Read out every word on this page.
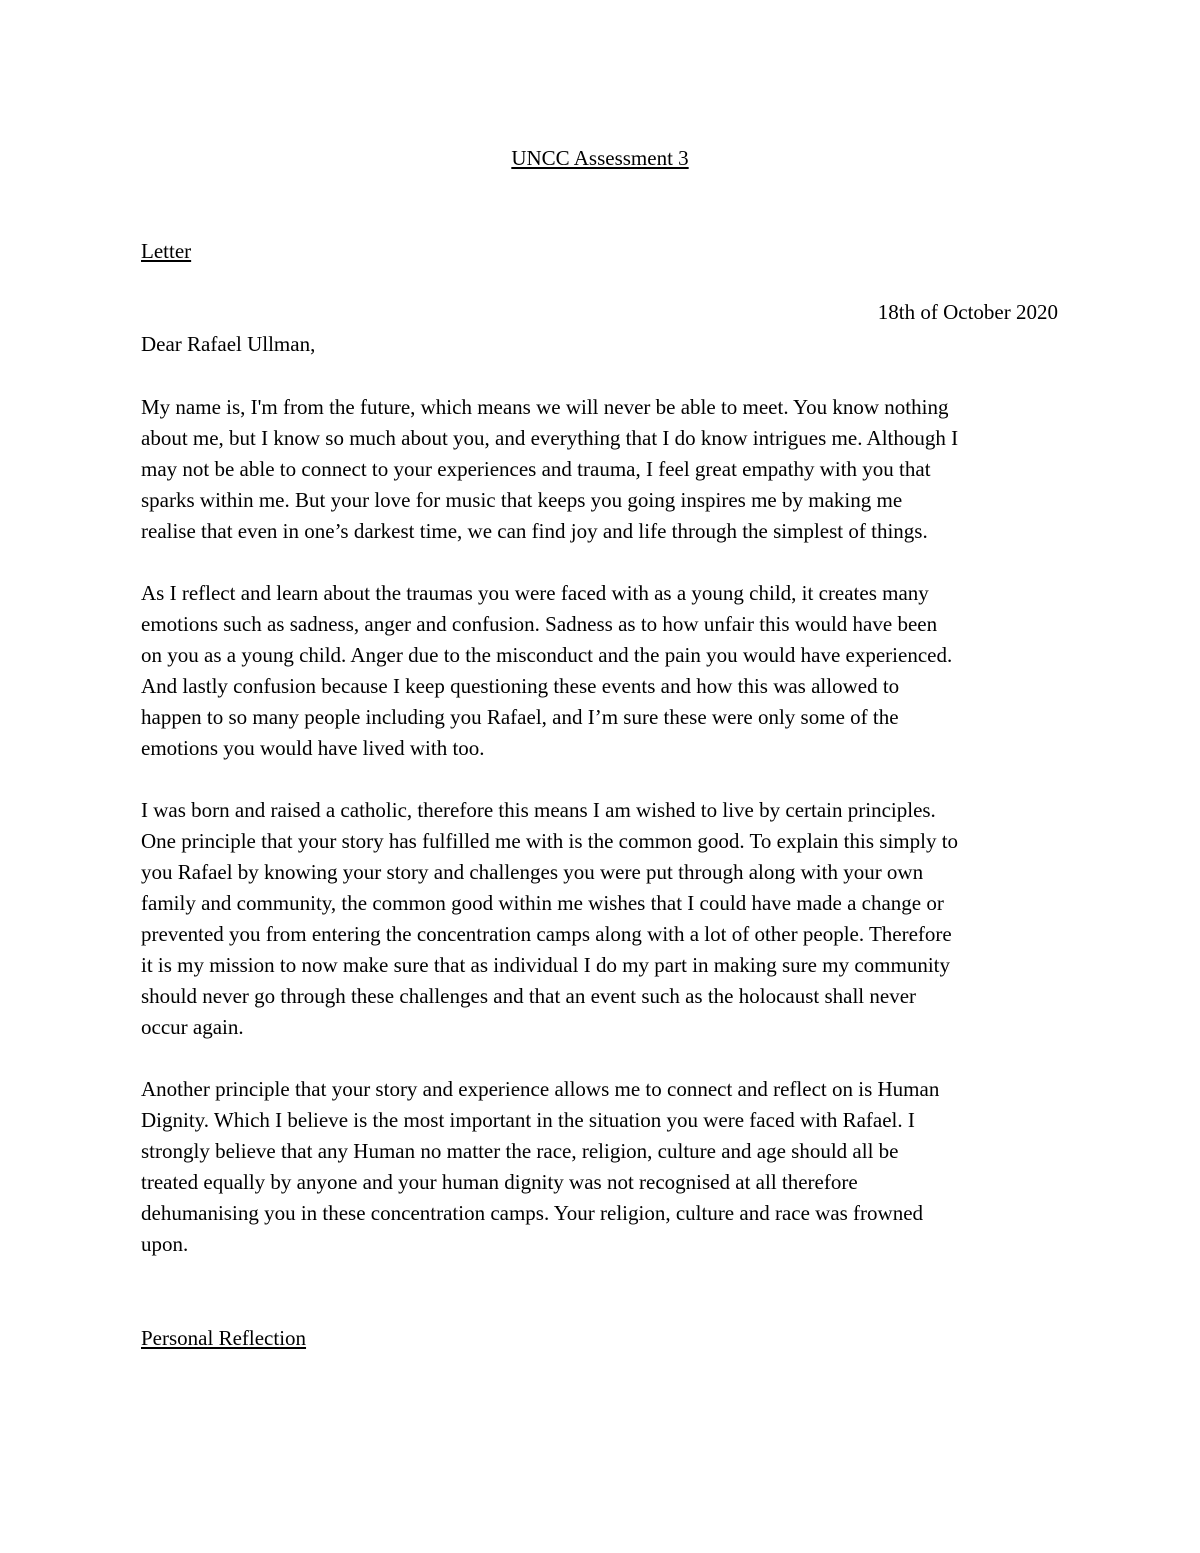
UNCC Assessment 3
Letter
18th of October 2020
Dear Rafael Ullman,
My name is, I'm from the future, which means we will never be able to meet. You know nothing
about me, but I know so much about you, and everything that I do know intrigues me. Although I
may not be able to connect to your experiences and trauma, I feel great empathy with you that
sparks within me. But your love for music that keeps you going inspires me by making me
realise that even in one’s darkest time, we can find joy and life through the simplest of things.
As I reflect and learn about the traumas you were faced with as a young child, it creates many
emotions such as sadness, anger and confusion. Sadness as to how unfair this would have been
on you as a young child. Anger due to the misconduct and the pain you would have experienced.
And lastly confusion because I keep questioning these events and how this was allowed to
happen to so many people including you Rafael, and I’m sure these were only some of the
emotions you would have lived with too.
I was born and raised a catholic, therefore this means I am wished to live by certain principles.
One principle that your story has fulfilled me with is the common good. To explain this simply to
you Rafael by knowing your story and challenges you were put through along with your own
family and community, the common good within me wishes that I could have made a change or
prevented you from entering the concentration camps along with a lot of other people. Therefore
it is my mission to now make sure that as individual I do my part in making sure my community
should never go through these challenges and that an event such as the holocaust shall never
occur again.
Another principle that your story and experience allows me to connect and reflect on is Human
Dignity. Which I believe is the most important in the situation you were faced with Rafael. I
strongly believe that any Human no matter the race, religion, culture and age should all be
treated equally by anyone and your human dignity was not recognised at all therefore
dehumanising you in these concentration camps. Your religion, culture and race was frowned
upon.
Personal Reflection
